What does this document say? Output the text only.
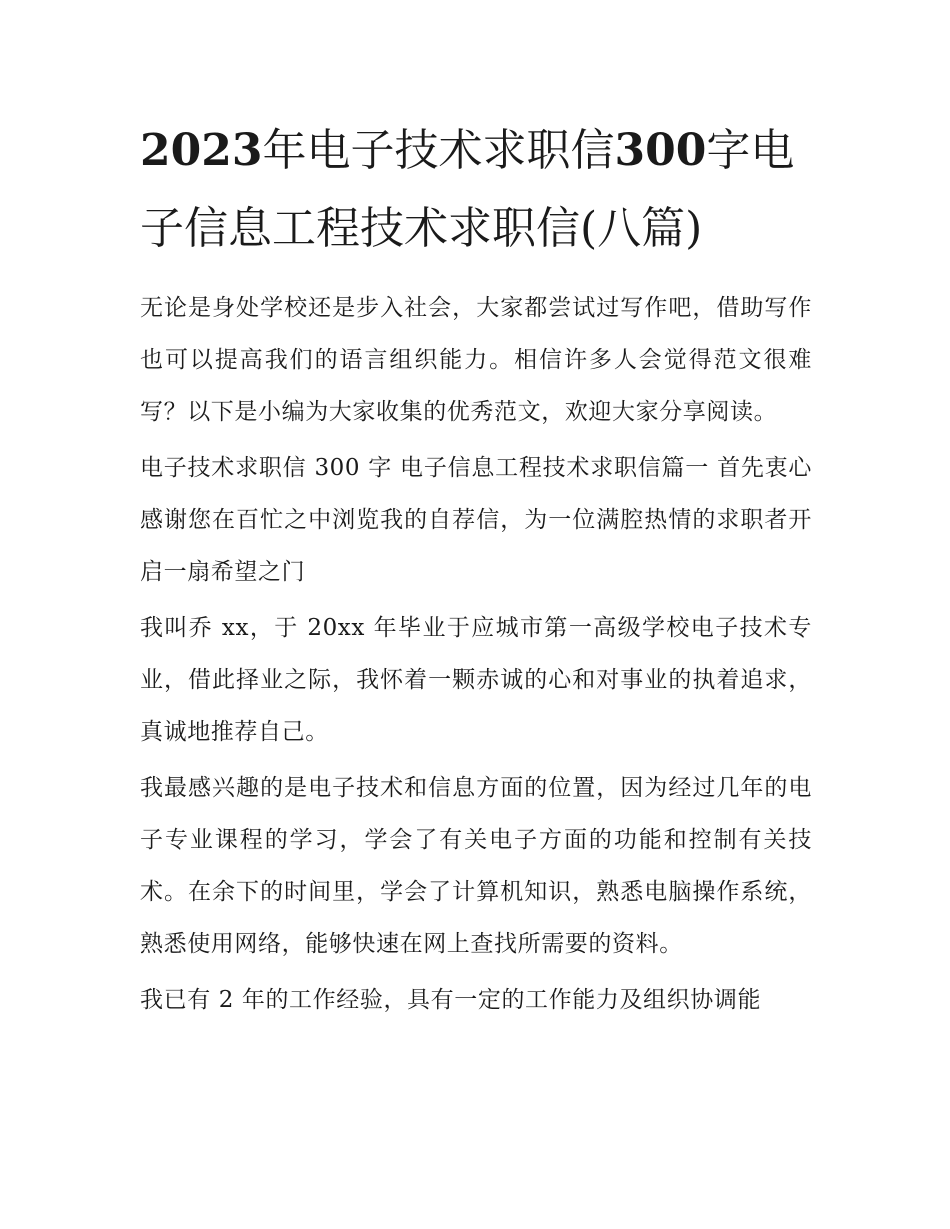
2023年电子技术求职信300字电子信息工程技术求职信(八篇)

无论是身处学校还是步入社会，大家都尝试过写作吧，借助写作也可以提高我们的语言组织能力。相信许多人会觉得范文很难写？以下是小编为大家收集的优秀范文，欢迎大家分享阅读。

电子技术求职信 300 字 电子信息工程技术求职信篇一 首先衷心感谢您在百忙之中浏览我的自荐信，为一位满腔热情的求职者开启一扇希望之门

我叫乔 xx，于 20xx 年毕业于应城市第一高级学校电子技术专业，借此择业之际，我怀着一颗赤诚的心和对事业的执着追求，真诚地推荐自己。

我最感兴趣的是电子技术和信息方面的位置，因为经过几年的电子专业课程的学习，学会了有关电子方面的功能和控制有关技术。在余下的时间里，学会了计算机知识，熟悉电脑操作系统，熟悉使用网络，能够快速在网上查找所需要的资料。

我已有 2 年的工作经验，具有一定的工作能力及组织协调能
